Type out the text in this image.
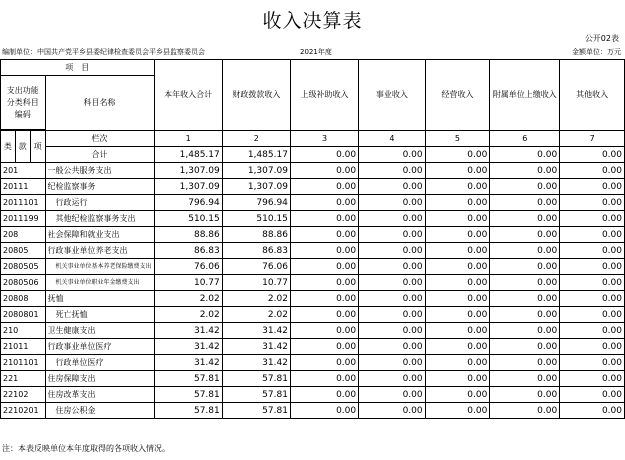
收入决算表
公开02表
编制单位：中国共产党平乡县委纪律检查委员会平乡县监察委员会	2021年度	金额单位：万元
项　目				本年收入合计	财政拨款收入	上级补助收入	事业收入	经营收入	附属单位上缴收入	其他收入
支出功能分类科目编码			科目名称							

类	款	项	栏次	1	2	3	4	5	6	7
			合计	1,485.17	1,485.17	0.00	0.00	0.00	0.00	0.00
201			一般公共服务支出	1,307.09	1,307.09	0.00	0.00	0.00	0.00	0.00
20111			纪检监察事务	1,307.09	1,307.09	0.00	0.00	0.00	0.00	0.00
2011101			行政运行	796.94	796.94	0.00	0.00	0.00	0.00	0.00
2011199			其他纪检监察事务支出	510.15	510.15	0.00	0.00	0.00	0.00	0.00
208			社会保障和就业支出	88.86	88.86	0.00	0.00	0.00	0.00	0.00
20805			行政事业单位养老支出	86.83	86.83	0.00	0.00	0.00	0.00	0.00
2080505			机关事业单位基本养老保险缴费支出	76.06	76.06	0.00	0.00	0.00	0.00	0.00
2080506			机关事业单位职业年金缴费支出	10.77	10.77	0.00	0.00	0.00	0.00	0.00
20808			抚恤	2.02	2.02	0.00	0.00	0.00	0.00	0.00
2080801			死亡抚恤	2.02	2.02	0.00	0.00	0.00	0.00	0.00
210			卫生健康支出	31.42	31.42	0.00	0.00	0.00	0.00	0.00
21011			行政事业单位医疗	31.42	31.42	0.00	0.00	0.00	0.00	0.00
2101101			行政单位医疗	31.42	31.42	0.00	0.00	0.00	0.00	0.00
221			住房保障支出	57.81	57.81	0.00	0.00	0.00	0.00	0.00
22102			住房改革支出	57.81	57.81	0.00	0.00	0.00	0.00	0.00
2210201			住房公积金	57.81	57.81	0.00	0.00	0.00	0.00	0.00
注：本表反映单位本年度取得的各项收入情况。
